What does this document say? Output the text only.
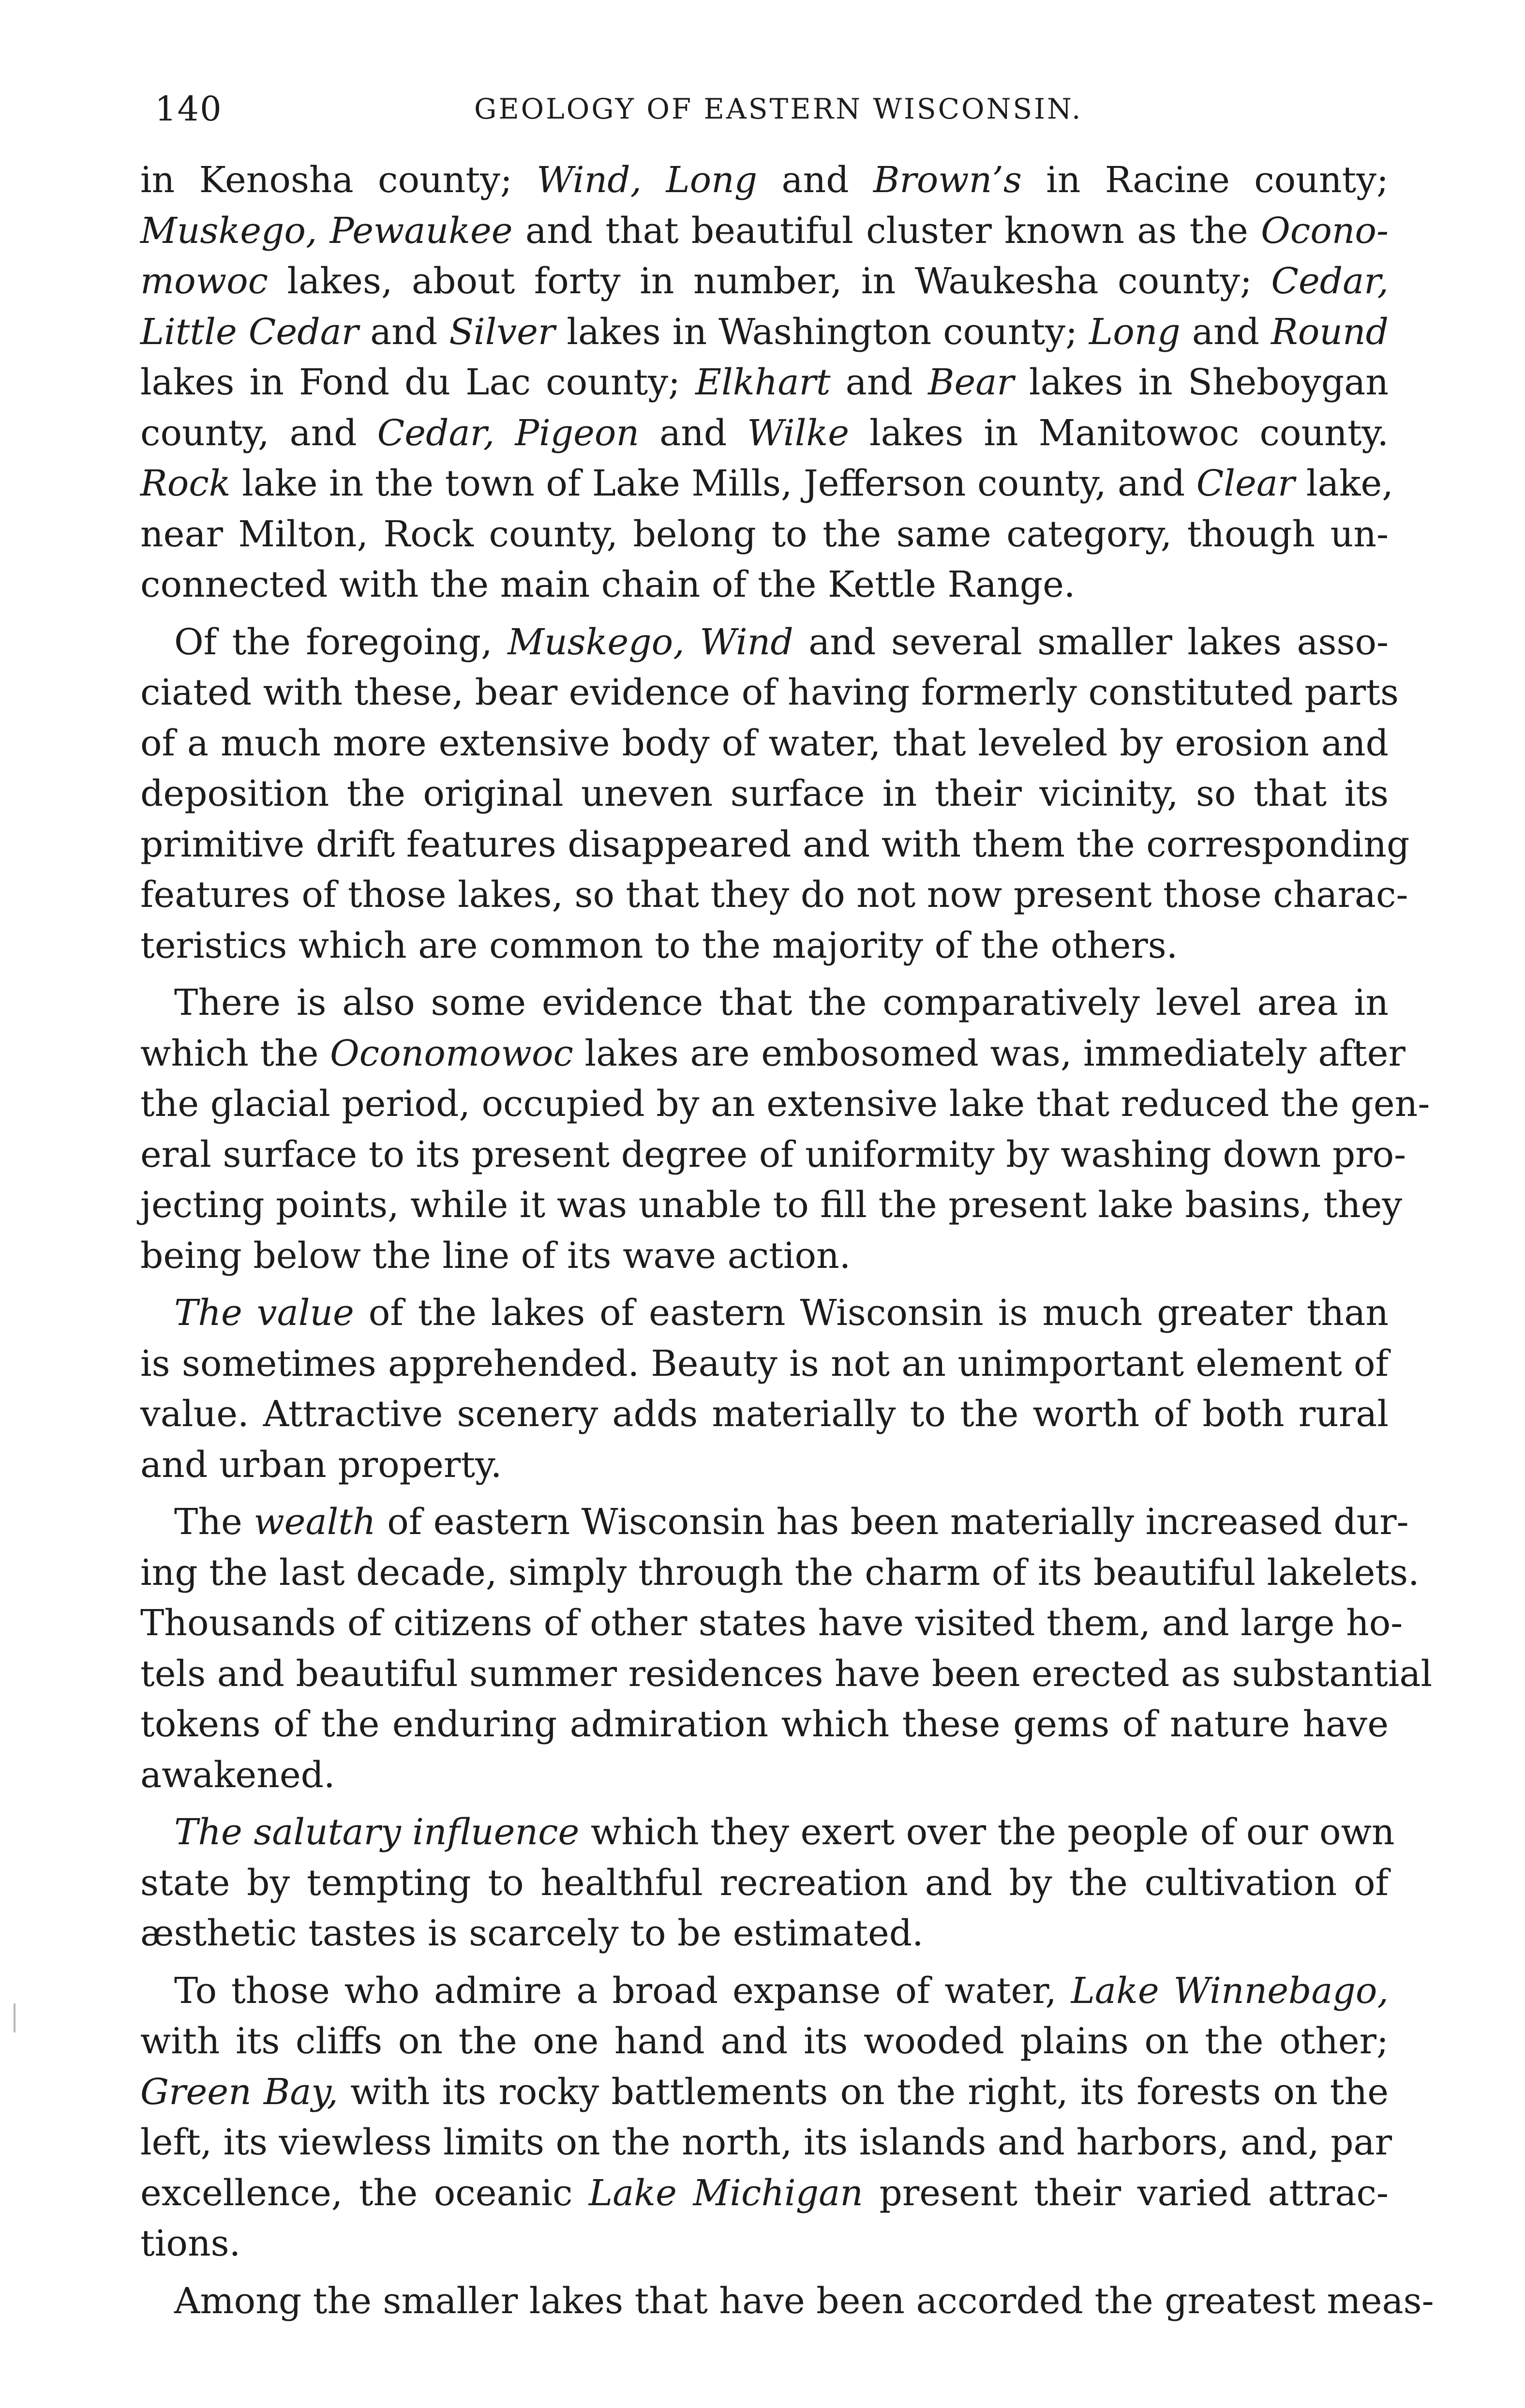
140	GEOLOGY OF EASTERN WISCONSIN.
in Kenosha county; Wind, Long and Brown’s in Racine county;
Muskego, Pewaukee and that beautiful cluster known as the Ocono-
mowoc lakes, about forty in number, in Waukesha county; Cedar,
Little Cedar and Silver lakes in Washington county; Long and Round
lakes in Fond du Lac county; Elkhart and Bear lakes in Sheboygan
county, and Cedar, Pigeon and Wilke lakes in Manitowoc county.
Rock lake in the town of Lake Mills, Jefferson county, and Clear lake,
near Milton, Rock county, belong to the same category, though un-
connected with the main chain of the Kettle Range.
Of the foregoing, Muskego, Wind and several smaller lakes asso-
ciated with these, bear evidence of having formerly constituted parts
of a much more extensive body of water, that leveled by erosion and
deposition the original uneven surface in their vicinity, so that its
primitive drift features disappeared and with them the corresponding
features of those lakes, so that they do not now present those charac-
teristics which are common to the majority of the others.
There is also some evidence that the comparatively level area in
which the Oconomowoc lakes are embosomed was, immediately after
the glacial period, occupied by an extensive lake that reduced the gen-
eral surface to its present degree of uniformity by washing down pro-
jecting points, while it was unable to fill the present lake basins, they
being below the line of its wave action.
The value of the lakes of eastern Wisconsin is much greater than
is sometimes apprehended. Beauty is not an unimportant element of
value. Attractive scenery adds materially to the worth of both rural
and urban property.
The wealth of eastern Wisconsin has been materially increased dur-
ing the last decade, simply through the charm of its beautiful lakelets.
Thousands of citizens of other states have visited them, and large ho-
tels and beautiful summer residences have been erected as substantial
tokens of the enduring admiration which these gems of nature have
awakened.
The salutary influence which they exert over the people of our own
state by tempting to healthful recreation and by the cultivation of
æsthetic tastes is scarcely to be estimated.
To those who admire a broad expanse of water, Lake Winnebago,
with its cliffs on the one hand and its wooded plains on the other;
Green Bay, with its rocky battlements on the right, its forests on the
left, its viewless limits on the north, its islands and harbors, and, par
excellence, the oceanic Lake Michigan present their varied attrac-
tions.
Among the smaller lakes that have been accorded the greatest meas-
